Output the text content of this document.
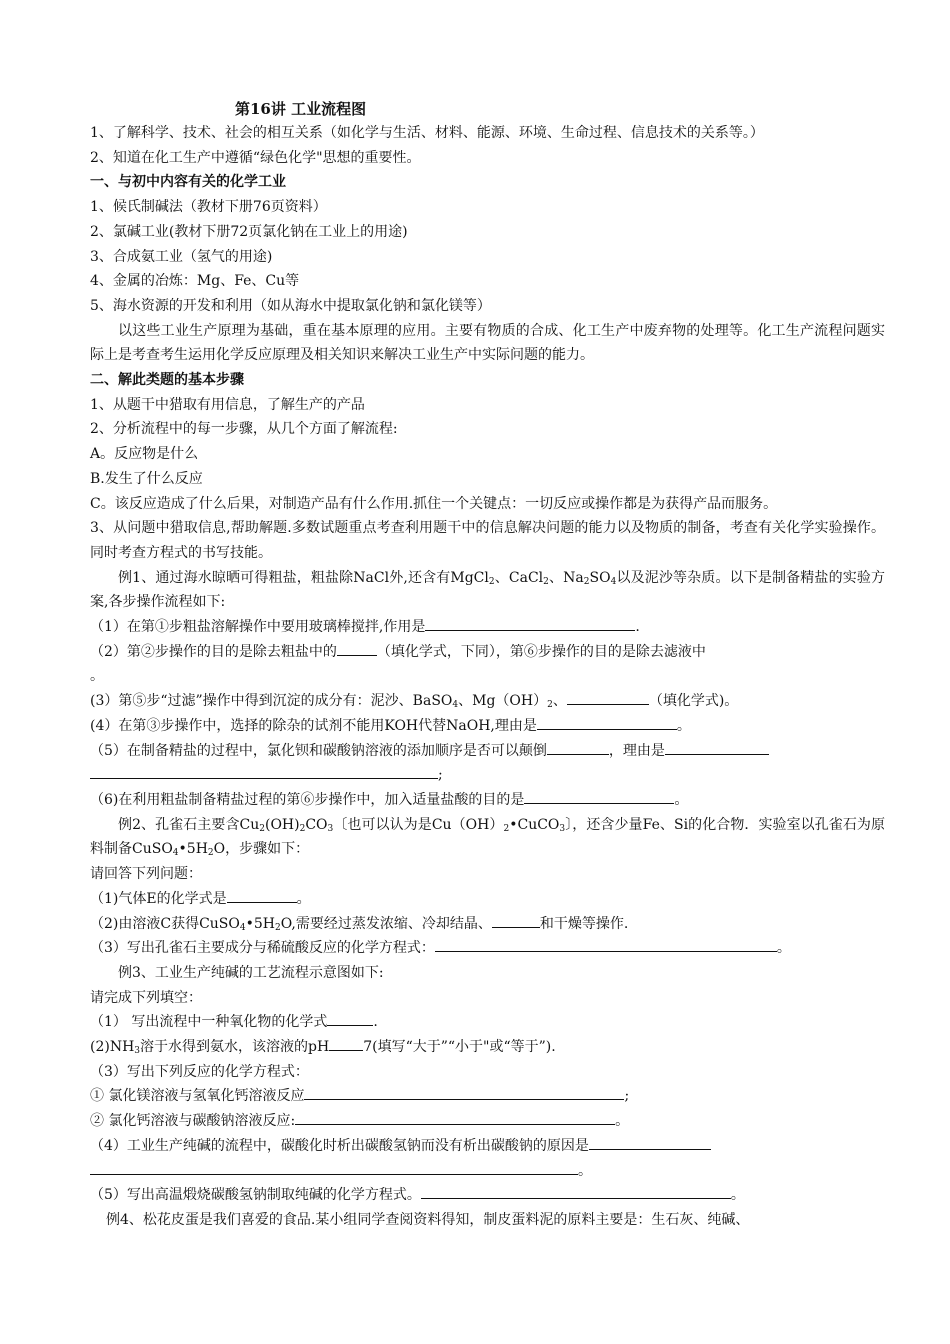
第16讲 工业流程图
1、了解科学、技术、社会的相互关系（如化学与生活、材料、能源、环境、生命过程、信息技术的关系等。）
2、知道在化工生产中遵循“绿色化学"思想的重要性。
一、与初中内容有关的化学工业
1、候氏制碱法（教材下册76页资料）
2、氯碱工业(教材下册72页氯化钠在工业上的用途)
3、合成氨工业（氢气的用途)
4、金属的冶炼：Mg、Fe、Cu等
5、海水资源的开发和利用（如从海水中提取氯化钠和氯化镁等）
以这些工业生产原理为基础，重在基本原理的应用。主要有物质的合成、化工生产中废弃物的处理等。化工生产流程问题实际上是考查考生运用化学反应原理及相关知识来解决工业生产中实际问题的能力。
二、解此类题的基本步骤
1、从题干中猎取有用信息，了解生产的产品
2、分析流程中的每一步骤，从几个方面了解流程:
A。反应物是什么
B.发生了什么反应
C。该反应造成了什么后果，对制造产品有什么作用.抓住一个关键点：一切反应或操作都是为获得产品而服务。
3、从问题中猎取信息,帮助解题.多数试题重点考查利用题干中的信息解决问题的能力以及物质的制备，考查有关化学实验操作。同时考查方程式的书写技能。
例1、通过海水晾晒可得粗盐，粗盐除NaCl外,还含有MgCl$_2$、CaCl$_2$、$Na_2SO_4$以及泥沙等杂质。以下是制备精盐的实验方案,各步操作流程如下:
（1）在第①步粗盐溶解操作中要用玻璃棒搅拌,作用是	.
（2）第②步操作的目的是除去粗盐中的	（填化学式，下同），第⑥步操作的目的是除去滤液中
。
(3）第⑤步“过滤”操作中得到沉淀的成分有：泥沙、BaSO$_4$、$Mg(OH)_2$、	（填化学式)。
(4）在第③步操作中，选择的除杂的试剂不能用KOH代替NaOH,理由是	。
（5）在制备精盐的过程中，氯化钡和碳酸钠溶液的添加顺序是否可以颠倒	，理由是
;
（6)在利用粗盐制备精盐过程的第⑥步操作中，加入适量盐酸的目的是	。
例2、孔雀石主要含$Cu_2(OH)_2CO_3$〔也可以认为是$Cu(OH)_2•CuCO_3$〕，还含少量Fe、Si的化合物．实验室以孔雀石为原料制备$CuSO_4•5H_2O$，步骤如下：
请回答下列问题：
（1)气体E的化学式是	。
（2)由溶液C获得$CuSO_4•5H_2O$,需要经过蒸发浓缩、冷却结晶、	和干燥等操作.
（3）写出孔雀石主要成分与稀硫酸反应的化学方程式：	。
例3、工业生产纯碱的工艺流程示意图如下:
请完成下列填空：
（1） 写出流程中一种氧化物的化学式	.
$(2)NH_3$溶于水得到氨水，该溶液的pH 7(填写“大于”“小于"或“等于”).
（3）写出下列反应的化学方程式：
① 氯化镁溶液与氢氧化钙溶液反应	;
② 氯化钙溶液与碳酸钠溶液反应:	。
（4）工业生产纯碱的流程中，碳酸化时析出碳酸氢钠而没有析出碳酸钠的原因是
。
（5）写出高温煅烧碳酸氢钠制取纯碱的化学方程式。	。
例4、松花皮蛋是我们喜爱的食品.某小组同学查阅资料得知，制皮蛋料泥的原料主要是：生石灰、纯碱、
